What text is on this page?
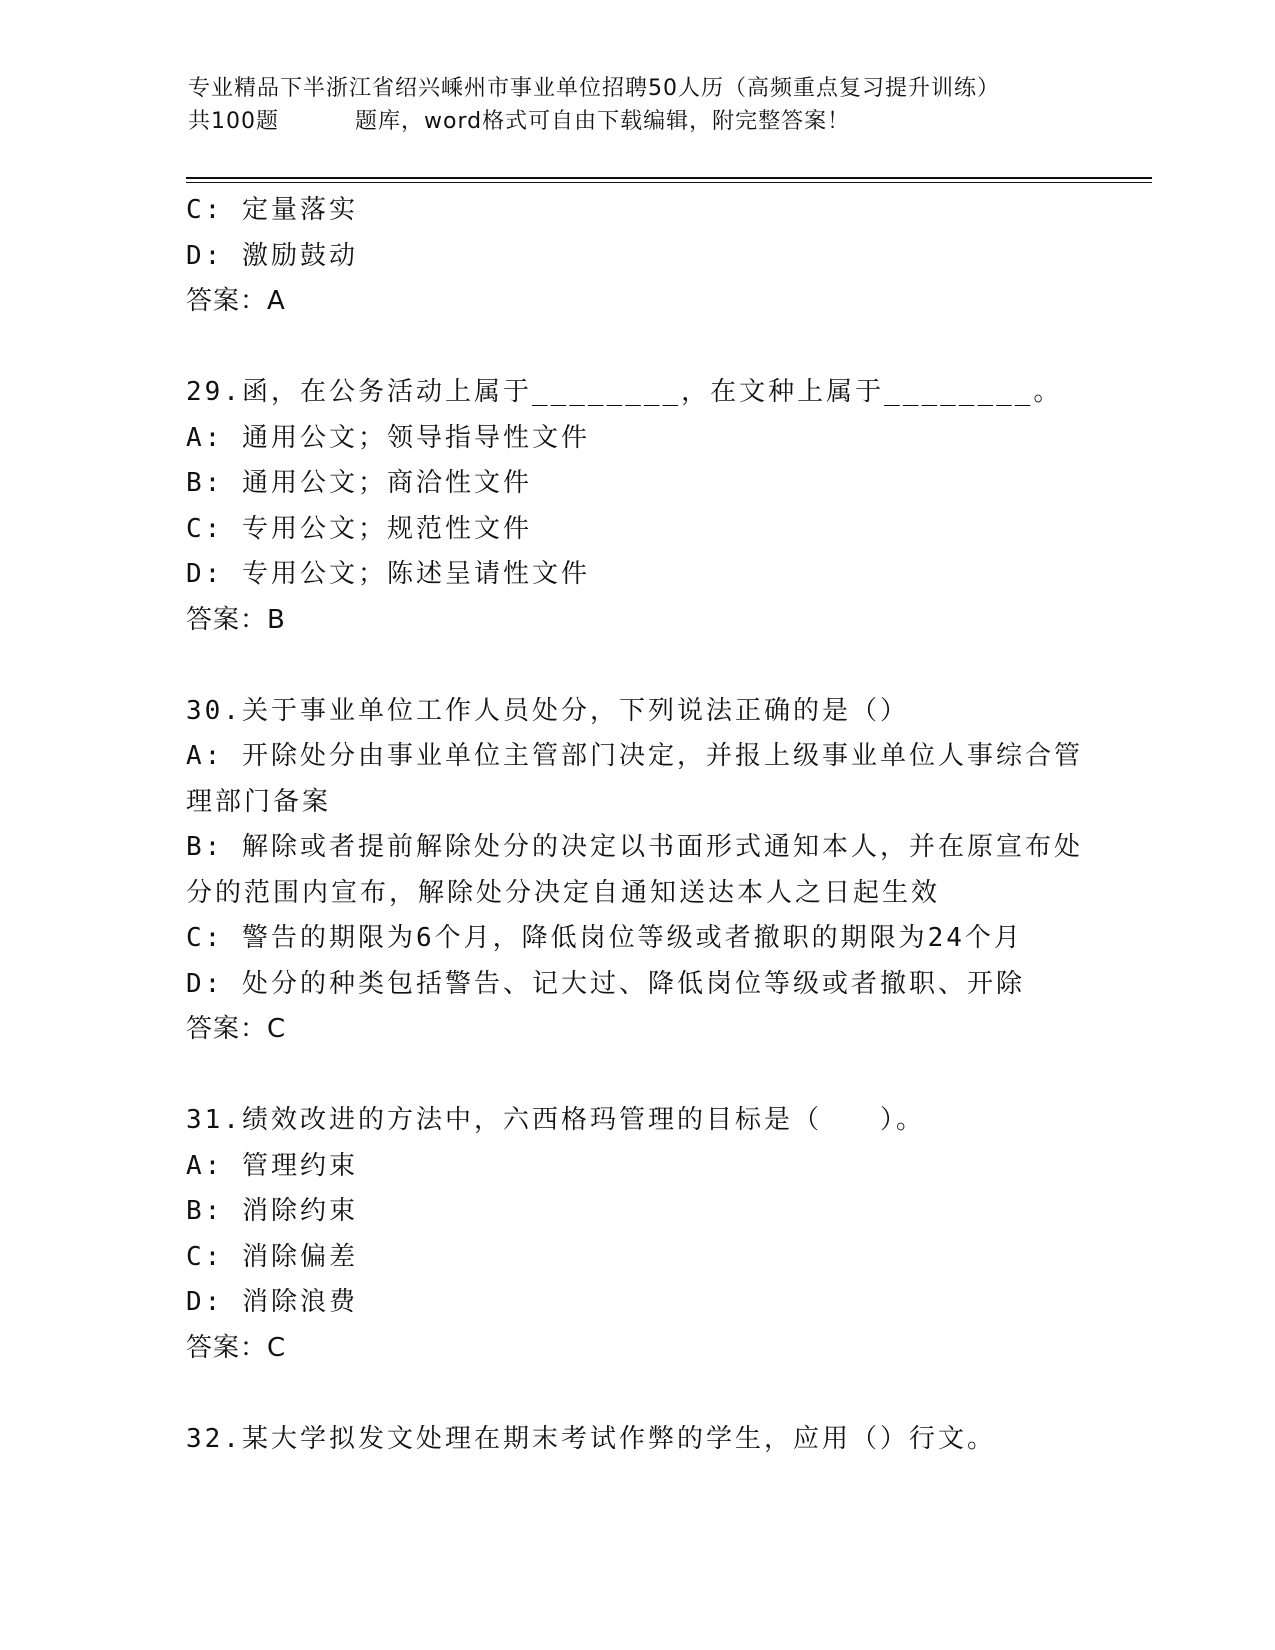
专业精品下半浙江省绍兴嵊州市事业单位招聘50人历（高频重点复习提升训练）
共100题	题库，word格式可自由下载编辑，附完整答案！
C: 定量落实
D: 激励鼓动
答案：A
29.函，在公务活动上属于________，在文种上属于________。
A: 通用公文；领导指导性文件
B: 通用公文；商洽性文件
C: 专用公文；规范性文件
D: 专用公文；陈述呈请性文件
答案：B
30.关于事业单位工作人员处分，下列说法正确的是（）
A: 开除处分由事业单位主管部门决定，并报上级事业单位人事综合管
理部门备案
B: 解除或者提前解除处分的决定以书面形式通知本人，并在原宣布处
分的范围内宣布，解除处分决定自通知送达本人之日起生效
C: 警告的期限为6个月，降低岗位等级或者撤职的期限为24个月
D: 处分的种类包括警告、记大过、降低岗位等级或者撤职、开除
答案：C
31.绩效改进的方法中，六西格玛管理的目标是（　　）。
A: 管理约束
B: 消除约束
C: 消除偏差
D: 消除浪费
答案：C
32.某大学拟发文处理在期末考试作弊的学生，应用（）行文。
